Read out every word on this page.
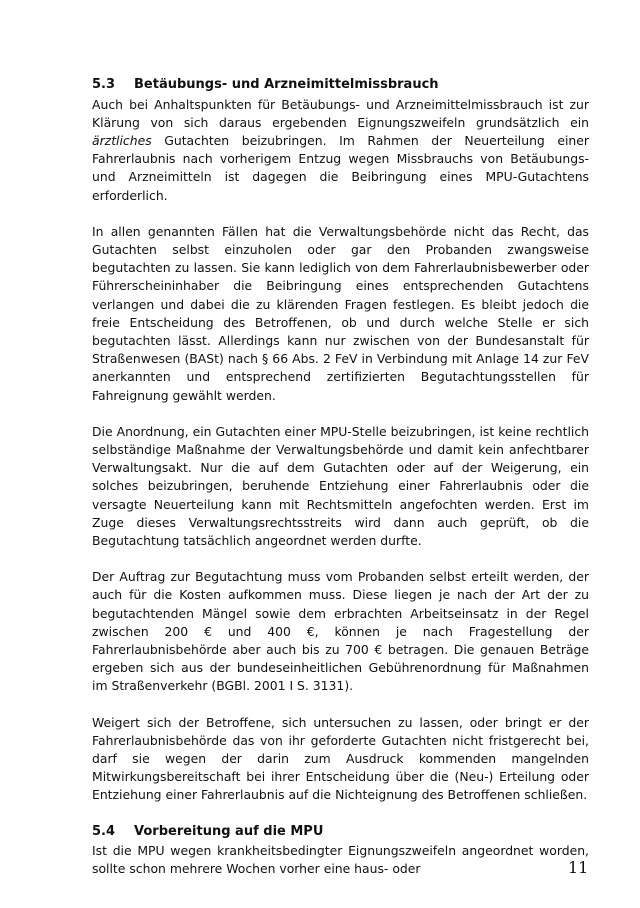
5.3 Betäubungs- und Arzneimittelmissbrauch

Auch bei Anhaltspunkten für Betäubungs- und Arzneimittelmissbrauch ist zur Klärung von sich daraus ergebenden Eignungszweifeln grundsätzlich ein ärztliches Gutachten beizubringen. Im Rahmen der Neuerteilung einer Fahrerlaubnis nach vorherigem Entzug wegen Missbrauchs von Betäubungs- und Arzneimitteln ist dagegen die Beibringung eines MPU-Gutachtens erforderlich.

In allen genannten Fällen hat die Verwaltungsbehörde nicht das Recht, das Gutachten selbst einzuholen oder gar den Probanden zwangsweise begutachten zu lassen. Sie kann lediglich von dem Fahrerlaubnisbewerber oder Führerscheininhaber die Beibringung eines entsprechenden Gutachtens verlangen und dabei die zu klärenden Fragen festlegen. Es bleibt jedoch die freie Entscheidung des Betroffenen, ob und durch welche Stelle er sich begutachten lässt. Allerdings kann nur zwischen von der Bundesanstalt für Straßenwesen (BASt) nach § 66 Abs. 2 FeV in Verbindung mit Anlage 14 zur FeV anerkannten und entsprechend zertifizierten Begutachtungsstellen für Fahreignung gewählt werden.

Die Anordnung, ein Gutachten einer MPU-Stelle beizubringen, ist keine rechtlich selbständige Maßnahme der Verwaltungsbehörde und damit kein anfechtbarer Verwaltungsakt. Nur die auf dem Gutachten oder auf der Weigerung, ein solches beizubringen, beruhende Entziehung einer Fahrerlaubnis oder die versagte Neuerteilung kann mit Rechtsmitteln angefochten werden. Erst im Zuge dieses Verwaltungsrechtsstreits wird dann auch geprüft, ob die Begutachtung tatsächlich angeordnet werden durfte.

Der Auftrag zur Begutachtung muss vom Probanden selbst erteilt werden, der auch für die Kosten aufkommen muss. Diese liegen je nach der Art der zu begutachtenden Mängel sowie dem erbrachten Arbeitseinsatz in der Regel zwischen 200 € und 400 €, können je nach Fragestellung der Fahrerlaubnisbehörde aber auch bis zu 700 € betragen. Die genauen Beträge ergeben sich aus der bundeseinheitlichen Gebührenordnung für Maßnahmen im Straßenverkehr (BGBl. 2001 I S. 3131).

Weigert sich der Betroffene, sich untersuchen zu lassen, oder bringt er der Fahrerlaubnisbehörde das von ihr geforderte Gutachten nicht fristgerecht bei, darf sie wegen der darin zum Ausdruck kommenden mangelnden Mitwirkungsbereitschaft bei ihrer Entscheidung über die (Neu-) Erteilung oder Entziehung einer Fahrerlaubnis auf die Nichteignung des Betroffenen schließen.

5.4 Vorbereitung auf die MPU

Ist die MPU wegen krankheitsbedingter Eignungszweifeln angeordnet worden, sollte schon mehrere Wochen vorher eine haus- oder	11
